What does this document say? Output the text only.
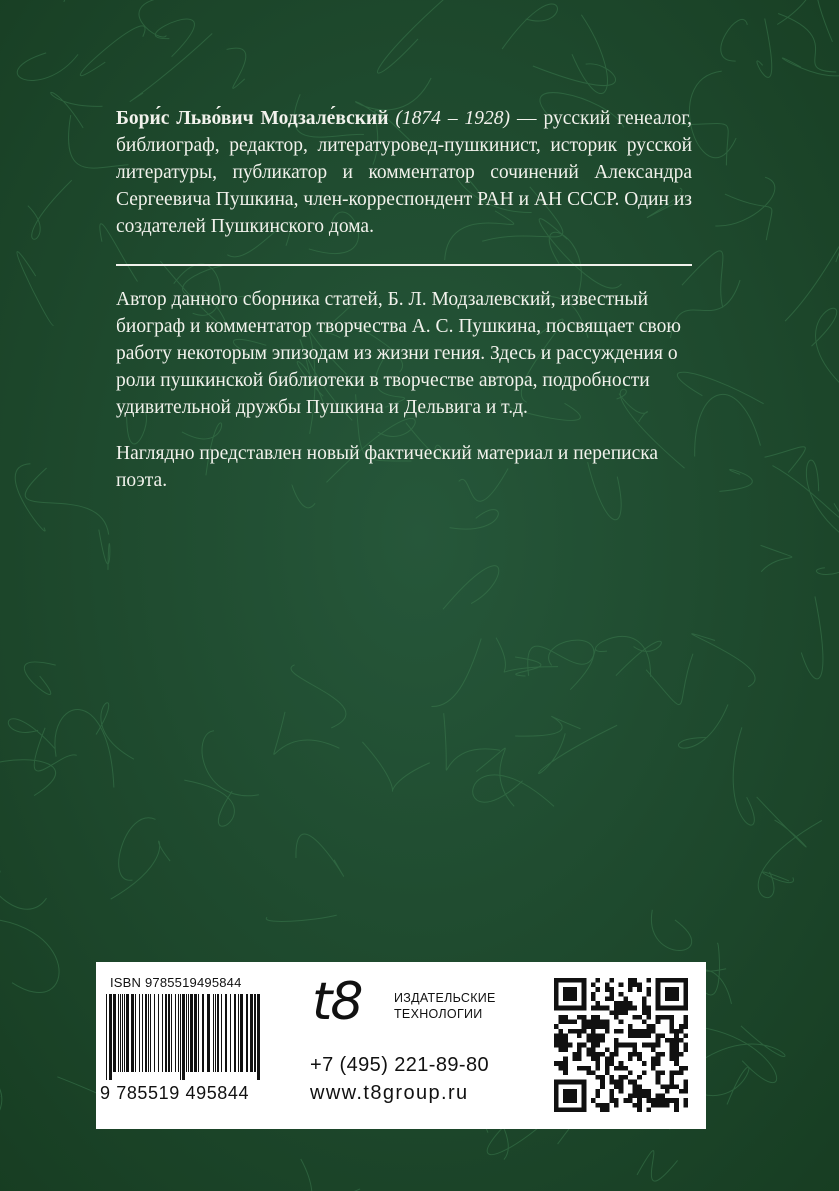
Бори́с Льво́вич Модзале́вский (1874 – 1928) — русский генеалог, библиограф, редактор, литературовед-пушкинист, историк русской литературы, публикатор и комментатор сочинений Александра Сергеевича Пушкина, член-корреспондент РАН и АН СССР. Один из создателей Пушкинского дома.
Автор данного сборника статей, Б. Л. Модзалевский, известный биограф и комментатор творчества А. С. Пушкина, посвящает свою работу некоторым эпизодам из жизни гения. Здесь и рассуждения о роли пушкинской библиотеки в творчестве автора, подробности удивительной дружбы Пушкина и Дельвига и т.д.
Наглядно представлен новый фактический материал и переписка поэта.
ISBN 9785519495844
9 785519 495844
t8	ИЗДАТЕЛЬСКИЕ
ТЕХНОЛОГИИ
+7 (495) 221-89-80
www.t8group.ru
